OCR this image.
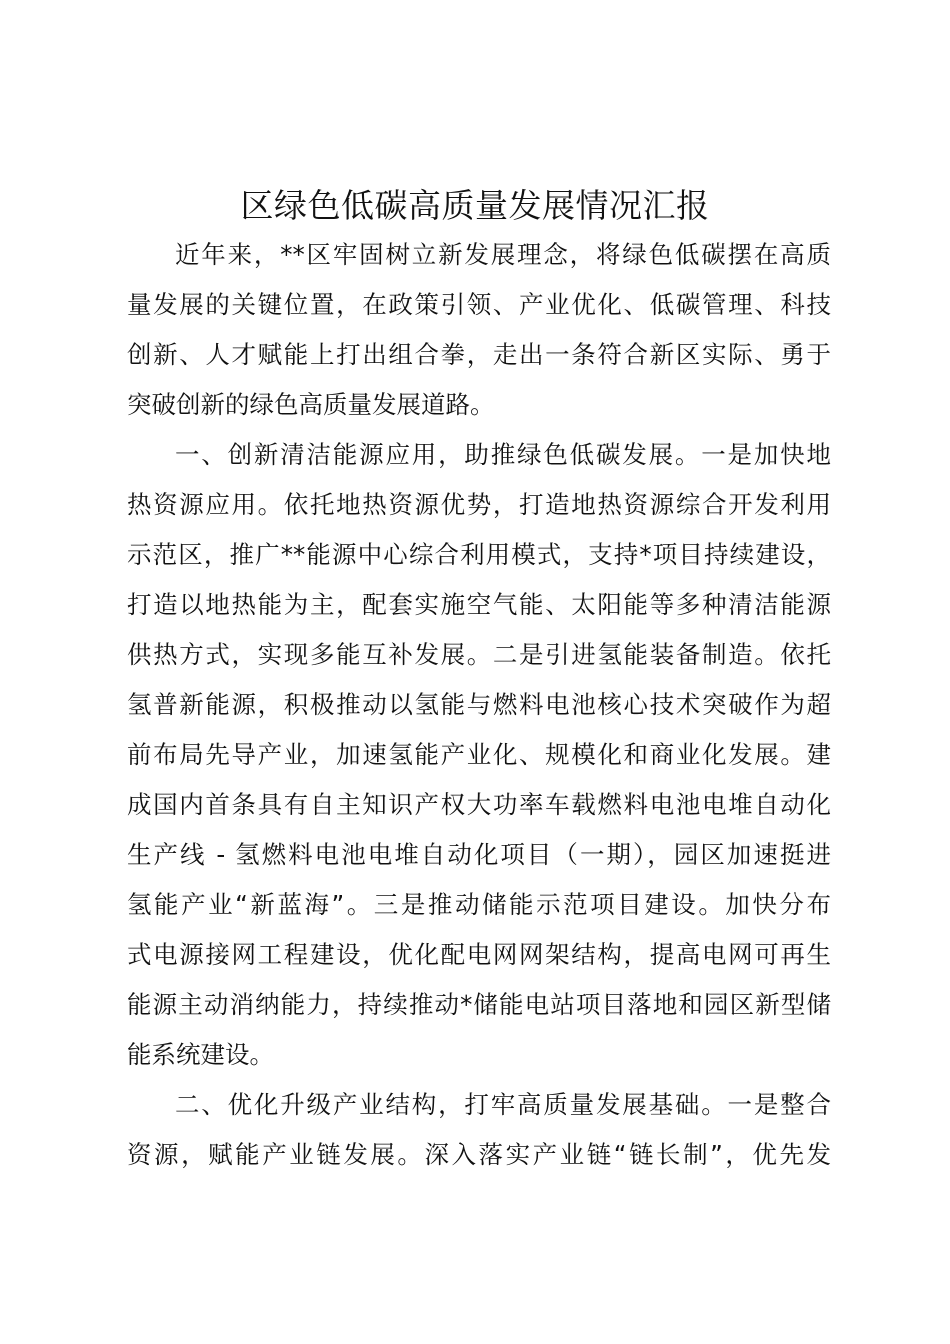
区绿色低碳高质量发展情况汇报

近年来，**区牢固树立新发展理念，将绿色低碳摆在高质

量发展的关键位置，在政策引领、产业优化、低碳管理、科技

创新、人才赋能上打出组合拳，走出一条符合新区实际、勇于

突破创新的绿色高质量发展道路。

一、创新清洁能源应用，助推绿色低碳发展。一是加快地

热资源应用。依托地热资源优势，打造地热资源综合开发利用

示范区，推广**能源中心综合利用模式，支持*项目持续建设，

打造以地热能为主，配套实施空气能、太阳能等多种清洁能源

供热方式，实现多能互补发展。二是引进氢能装备制造。依托

氢普新能源，积极推动以氢能与燃料电池核心技术突破作为超

前布局先导产业，加速氢能产业化、规模化和商业化发展。建

成国内首条具有自主知识产权大功率车载燃料电池电堆自动化

生产线 - 氢燃料电池电堆自动化项目（一期），园区加速挺进

氢能产业“新蓝海”。三是推动储能示范项目建设。加快分布

式电源接网工程建设，优化配电网网架结构，提高电网可再生

能源主动消纳能力，持续推动*储能电站项目落地和园区新型储

能系统建设。

二、优化升级产业结构，打牢高质量发展基础。一是整合

资源，赋能产业链发展。深入落实产业链“链长制”，优先发
